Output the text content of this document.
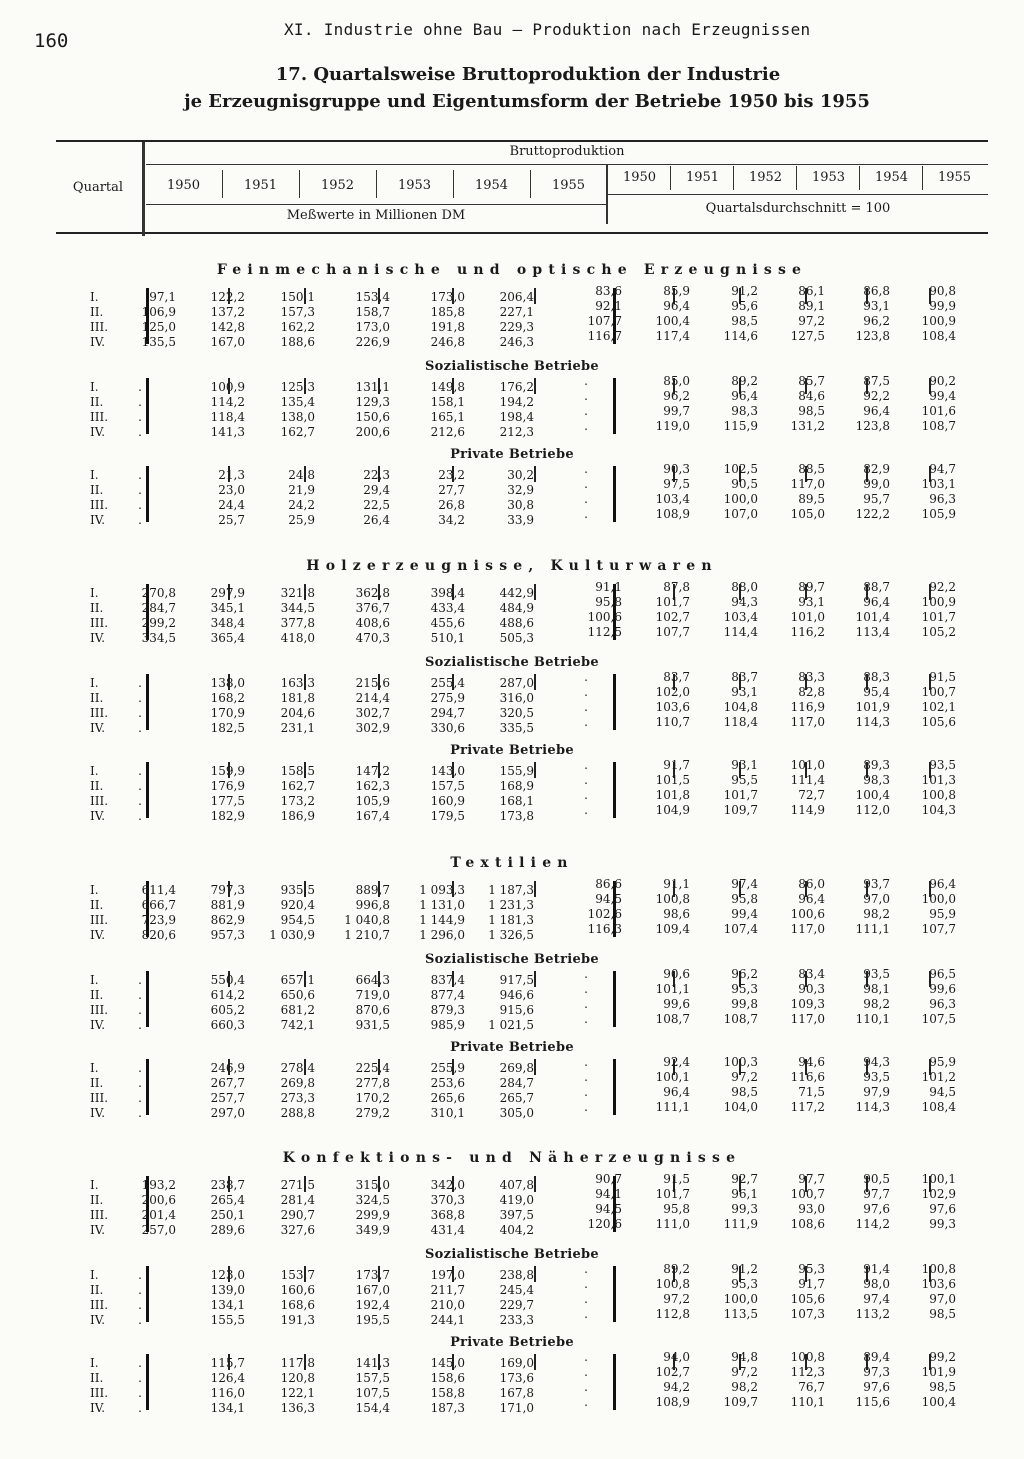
160
XI. Industrie ohne Bau — Produktion nach Erzeugnissen
17. Quartalsweise Bruttoproduktion der Industrie
je Erzeugnisgruppe und Eigentumsform der Betriebe 1950 bis 1955
Quartal
Bruttoproduktion
Meßwerte in Millionen DM	Quartalsdurchschnitt = 100
1950	1951	1952	1953	1954	1955
1950	1951	1952	1953	1954	1955
Feinmechanische und optische Erzeugnisse
I.	97,1	122,2	150,1	153,4	173,0	206,4	83,6	85,9	91,2	86,1	86,8	90,8
II.	106,9	137,2	157,3	158,7	185,8	227,1	92,1	96,4	95,6	89,1	93,1	99,9
III.	125,0	142,8	162,2	173,0	191,8	229,3	107,7	100,4	98,5	97,2	96,2	100,9
IV.	135,5	167,0	188,6	226,9	246,8	246,3	116,7	117,4	114,6	127,5	123,8	108,4
Sozialistische Betriebe
I.	.	100,9	125,3	131,1	149,8	176,2	.	85,0	89,2	85,7	87,5	90,2
II.	.	114,2	135,4	129,3	158,1	194,2	.	96,2	96,4	84,6	92,2	99,4
III.	.	118,4	138,0	150,6	165,1	198,4	.	99,7	98,3	98,5	96,4	101,6
IV.	.	141,3	162,7	200,6	212,6	212,3	.	119,0	115,9	131,2	123,8	108,7
Private Betriebe
I.	.	21,3	24,8	22,3	23,2	30,2	.	90,3	102,5	88,5	82,9	94,7
II.	.	23,0	21,9	29,4	27,7	32,9	.	97,5	90,5	117,0	99,0	103,1
III.	.	24,4	24,2	22,5	26,8	30,8	.	103,4	100,0	89,5	95,7	96,3
IV.	.	25,7	25,9	26,4	34,2	33,9	.	108,9	107,0	105,0	122,2	105,9
Holzerzeugnisse, Kulturwaren
I.	270,8	297,9	321,8	362,8	398,4	442,9	91,1	87,8	88,0	89,7	88,7	92,2
II.	284,7	345,1	344,5	376,7	433,4	484,9	95,8	101,7	94,3	93,1	96,4	100,9
III.	299,2	348,4	377,8	408,6	455,6	488,6	100,6	102,7	103,4	101,0	101,4	101,7
IV.	334,5	365,4	418,0	470,3	510,1	505,3	112,5	107,7	114,4	116,2	113,4	105,2
Sozialistische Betriebe
I.	.	138,0	163,3	215,6	255,4	287,0	.	83,7	83,7	83,3	88,3	91,5
II.	.	168,2	181,8	214,4	275,9	316,0	.	102,0	93,1	82,8	95,4	100,7
III.	.	170,9	204,6	302,7	294,7	320,5	.	103,6	104,8	116,9	101,9	102,1
IV.	.	182,5	231,1	302,9	330,6	335,5	.	110,7	118,4	117,0	114,3	105,6
Private Betriebe
I.	.	159,9	158,5	147,2	143,0	155,9	.	91,7	93,1	101,0	89,3	93,5
II.	.	176,9	162,7	162,3	157,5	168,9	.	101,5	95,5	111,4	98,3	101,3
III.	.	177,5	173,2	105,9	160,9	168,1	.	101,8	101,7	72,7	100,4	100,8
IV.	.	182,9	186,9	167,4	179,5	173,8	.	104,9	109,7	114,9	112,0	104,3
Textilien
I.	611,4	797,3	935,5	889,7	1 093,3	1 187,3	86,6	91,1	97,4	86,0	93,7	96,4
II.	666,7	881,9	920,4	996,8	1 131,0	1 231,3	94,5	100,8	95,8	96,4	97,0	100,0
III.	723,9	862,9	954,5	1 040,8	1 144,9	1 181,3	102,6	98,6	99,4	100,6	98,2	95,9
IV.	820,6	957,3	1 030,9	1 210,7	1 296,0	1 326,5	116,3	109,4	107,4	117,0	111,1	107,7
Sozialistische Betriebe
I.	.	550,4	657,1	664,3	837,4	917,5	.	90,6	96,2	83,4	93,5	96,5
II.	.	614,2	650,6	719,0	877,4	946,6	.	101,1	95,3	90,3	98,1	99,6
III.	.	605,2	681,2	870,6	879,3	915,6	.	99,6	99,8	109,3	98,2	96,3
IV.	.	660,3	742,1	931,5	985,9	1 021,5	.	108,7	108,7	117,0	110,1	107,5
Private Betriebe
I.	.	246,9	278,4	225,4	255,9	269,8	.	92,4	100,3	94,6	94,3	95,9
II.	.	267,7	269,8	277,8	253,6	284,7	.	100,1	97,2	116,6	93,5	101,2
III.	.	257,7	273,3	170,2	265,6	265,7	.	96,4	98,5	71,5	97,9	94,5
IV.	.	297,0	288,8	279,2	310,1	305,0	.	111,1	104,0	117,2	114,3	108,4
Konfektions- und Näherzeugnisse
I.	193,2	238,7	271,5	315,0	342,0	407,8	90,7	91,5	92,7	97,7	90,5	100,1
II.	200,6	265,4	281,4	324,5	370,3	419,0	94,1	101,7	96,1	100,7	97,7	102,9
III.	201,4	250,1	290,7	299,9	368,8	397,5	94,5	95,8	99,3	93,0	97,6	97,6
IV.	257,0	289,6	327,6	349,9	431,4	404,2	120,6	111,0	111,9	108,6	114,2	99,3
Sozialistische Betriebe
I.	.	123,0	153,7	173,7	197,0	238,8	.	89,2	91,2	95,3	91,4	100,8
II.	.	139,0	160,6	167,0	211,7	245,4	.	100,8	95,3	91,7	98,0	103,6
III.	.	134,1	168,6	192,4	210,0	229,7	.	97,2	100,0	105,6	97,4	97,0
IV.	.	155,5	191,3	195,5	244,1	233,3	.	112,8	113,5	107,3	113,2	98,5
Private Betriebe
I.	.	115,7	117,8	141,3	145,0	169,0	.	94,0	94,8	100,8	89,4	99,2
II.	.	126,4	120,8	157,5	158,6	173,6	.	102,7	97,2	112,3	97,3	101,9
III.	.	116,0	122,1	107,5	158,8	167,8	.	94,2	98,2	76,7	97,6	98,5
IV.	.	134,1	136,3	154,4	187,3	171,0	.	108,9	109,7	110,1	115,6	100,4
